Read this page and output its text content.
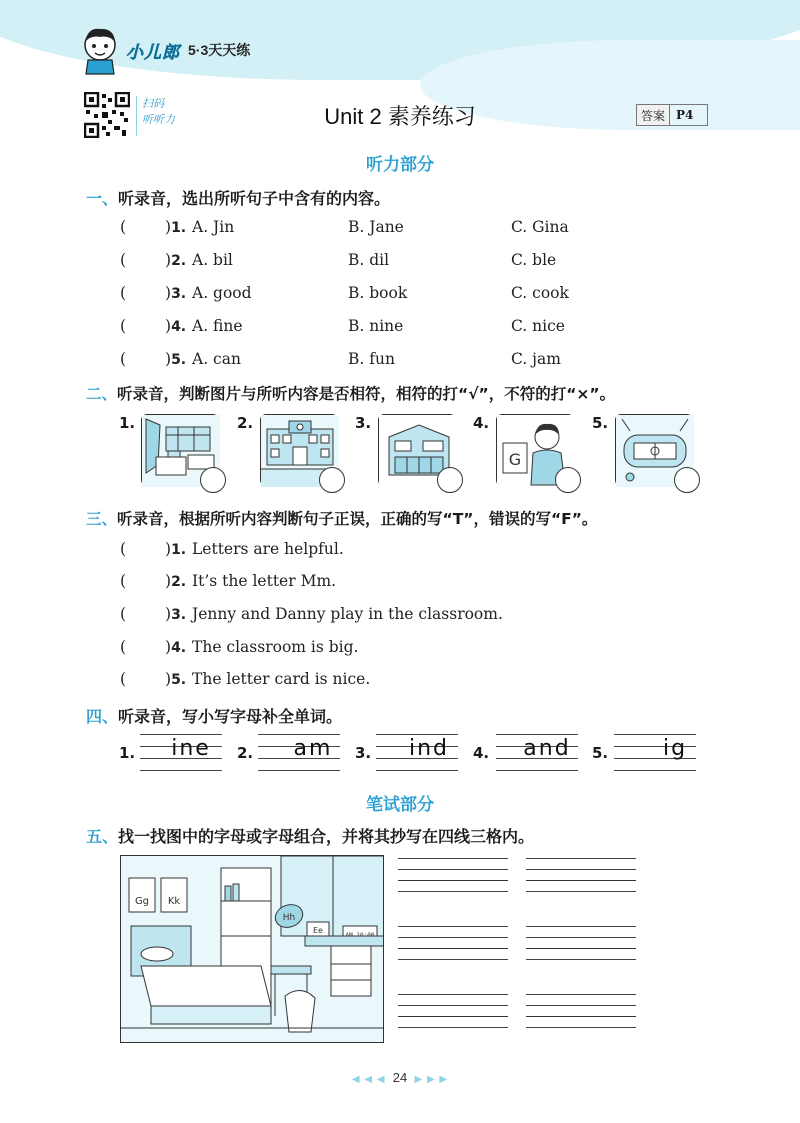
小儿郎 5·3天天练
扫码
听听力	Unit 2 素养练习	答案 P4
听力部分
一、听录音，选出所听句子中含有的内容。
(	)1. A. Jin	B. Jane	C. Gina
(	)2. A. bil	B. dil	C. ble
(	)3. A. good	B. book	C. cook
(	)4. A. fine	B. nine	C. nice
(	)5. A. can	B. fun	C. jam
二、听录音，判断图片与所听内容是否相符，相符的打“√”，不符的打“×”。
1.	2.	3.	4.
G
5.
三、听录音，根据所听内容判断句子正误，正确的写“T”，错误的写“F”。
(	)1. Letters are helpful.
(	)2. It’s the letter Mm.
(	)3. Jenny and Danny play in the classroom.
(	)4. The classroom is big.
(	)5. The letter card is nice.
四、听录音，写小写字母补全单词。
1.	ine	2.	am	3.	ind	4.	and	5.	ig
笔试部分
五、找一找图中的字母或字母组合，并将其抄写在四线三格内。
Gg Kk
Hh
Ee
◀ ◀ ◀ 24 ▶ ▶ ▶
